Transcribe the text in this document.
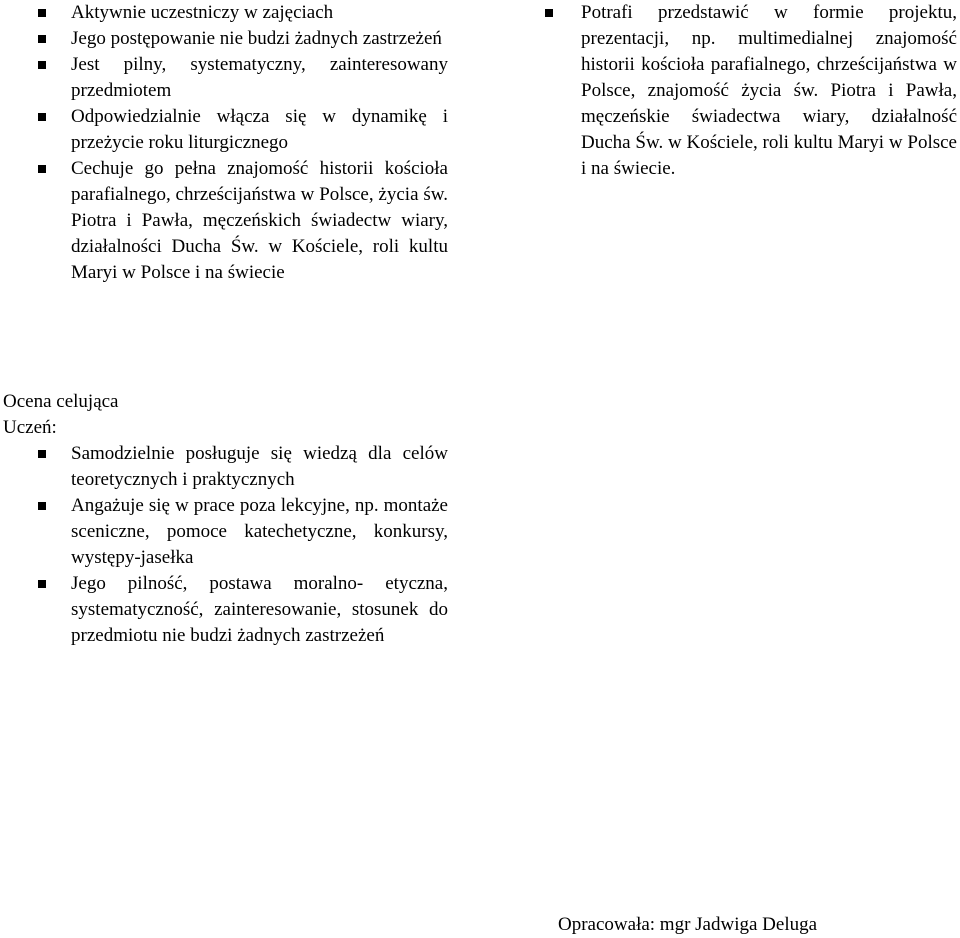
Aktywnie uczestniczy w zajęciach
Jego postępowanie nie budzi żadnych zastrzeżeń
Jest pilny, systematyczny, zainteresowany przedmiotem
Odpowiedzialnie włącza się w dynamikę i przeżycie roku liturgicznego
Cechuje go pełna znajomość historii kościoła parafialnego, chrześcijaństwa w Polsce, życia św. Piotra i Pawła, męczeńskich świadectw wiary, działalności Ducha Św. w Kościele, roli kultu Maryi w Polsce i na świecie
Potrafi przedstawić w formie projektu, prezentacji, np. multimedialnej znajomość historii kościoła parafialnego, chrześcijaństwa w Polsce, znajomość życia św. Piotra i Pawła, męczeńskie świadectwa wiary, działalność Ducha Św. w Kościele, roli kultu Maryi w Polsce i na świecie.
Ocena celująca
Uczeń:
Samodzielnie posługuje się wiedzą dla celów teoretycznych i praktycznych
Angażuje się w prace poza lekcyjne, np. montaże sceniczne, pomoce katechetyczne, konkursy, występy-jasełka
Jego pilność, postawa moralno- etyczna, systematyczność, zainteresowanie, stosunek do przedmiotu nie budzi żadnych zastrzeżeń
Opracowała: mgr Jadwiga Deluga
